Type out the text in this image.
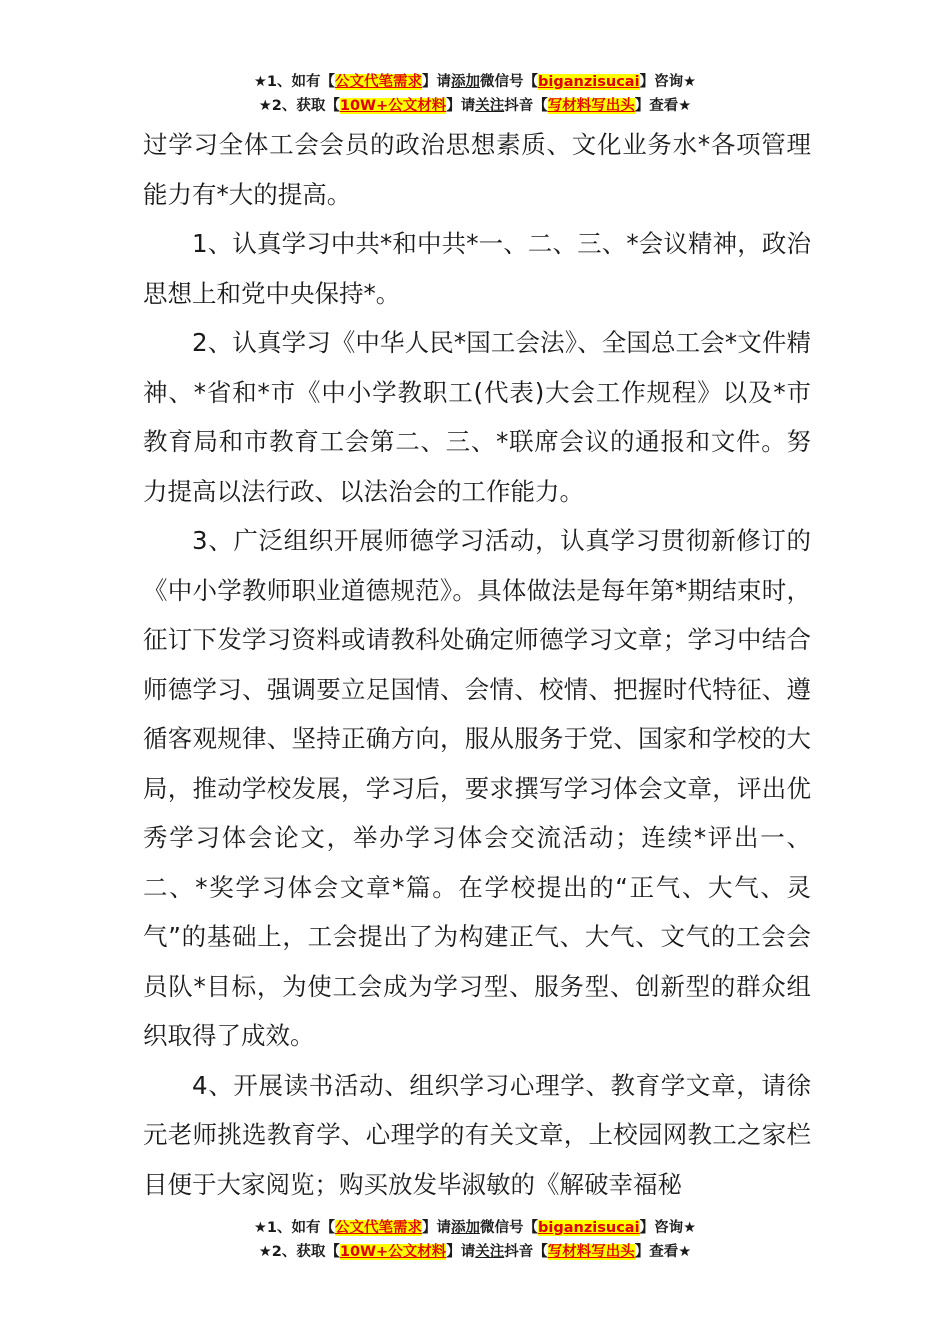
★1、如有【公文代笔需求】请添加微信号【biganzisucai】咨询★
★2、获取【10W+公文材料】请关注抖音【写材料写出头】查看★

过学习全体工会会员的政治思想素质、文化业务水*各项管理能力有*大的提高。

1、认真学习中共*和中共*一、二、三、*会议精神，政治思想上和党中央保持*。

2、认真学习《中华人民*国工会法》、全国总工会*文件精神、*省和*市《中小学教职工(代表)大会工作规程》以及*市教育局和市教育工会第二、三、*联席会议的通报和文件。努力提高以法行政、以法治会的工作能力。

3、广泛组织开展师德学习活动，认真学习贯彻新修订的《中小学教师职业道德规范》。具体做法是每年第*期结束时，征订下发学习资料或请教科处确定师德学习文章；学习中结合师德学习、强调要立足国情、会情、校情、把握时代特征、遵循客观规律、坚持正确方向，服从服务于党、国家和学校的大局，推动学校发展，学习后，要求撰写学习体会文章，评出优秀学习体会论文，举办学习体会交流活动；连续*评出一、二、*奖学习体会文章*篇。在学校提出的“正气、大气、灵气”的基础上，工会提出了为构建正气、大气、文气的工会会员队*目标，为使工会成为学习型、服务型、创新型的群众组织取得了成效。

4、开展读书活动、组织学习心理学、教育学文章，请徐元老师挑选教育学、心理学的有关文章，上校园网教工之家栏目便于大家阅览；购买放发毕淑敏的《解破幸福秘

★1、如有【公文代笔需求】请添加微信号【biganzisucai】咨询★
★2、获取【10W+公文材料】请关注抖音【写材料写出头】查看★
